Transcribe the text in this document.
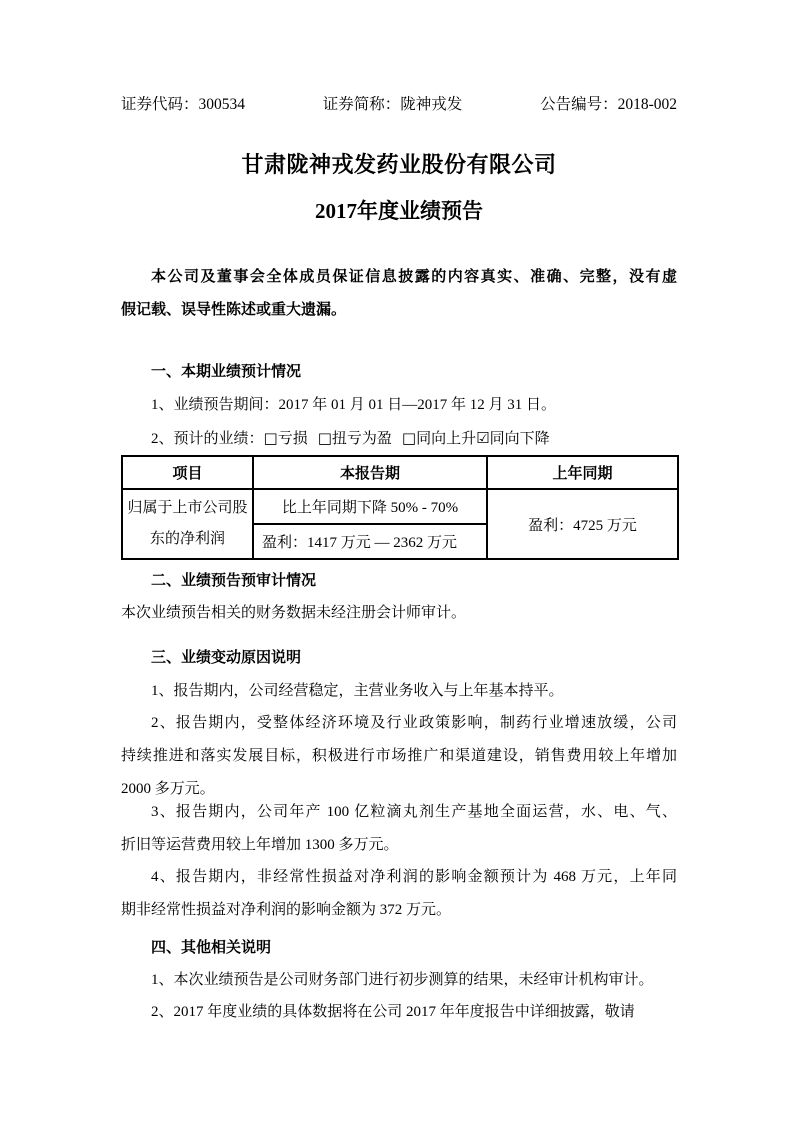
证券代码：300534	证券简称：陇神戎发	公告编号：2018-002
甘肃陇神戎发药业股份有限公司
2017年度业绩预告
本公司及董事会全体成员保证信息披露的内容真实、准确、完整，没有虚
假记载、误导性陈述或重大遗漏。
一、本期业绩预计情况
1、业绩预告期间：2017 年 01 月 01 日—2017 年 12 月 31 日。
2、预计的业绩：□亏损 □扭亏为盈 □同向上升☑同向下降
项目	本报告期	上年同期

归属于上市公司股
东的净利润	比上年同期下降 50% - 70%	盈利：4725 万元
	盈利：1417 万元 — 2362 万元	
二、业绩预告预审计情况
本次业绩预告相关的财务数据未经注册会计师审计。
三、业绩变动原因说明
1、报告期内，公司经营稳定，主营业务收入与上年基本持平。
2、报告期内，受整体经济环境及行业政策影响，制药行业增速放缓，公司
持续推进和落实发展目标，积极进行市场推广和渠道建设，销售费用较上年增加
2000 多万元。
3、报告期内，公司年产 100 亿粒滴丸剂生产基地全面运营，水、电、气、
折旧等运营费用较上年增加 1300 多万元。
4、报告期内，非经常性损益对净利润的影响金额预计为 468 万元，上年同
期非经常性损益对净利润的影响金额为 372 万元。
四、其他相关说明
1、本次业绩预告是公司财务部门进行初步测算的结果，未经审计机构审计。
2、2017 年度业绩的具体数据将在公司 2017 年年度报告中详细披露，敬请
